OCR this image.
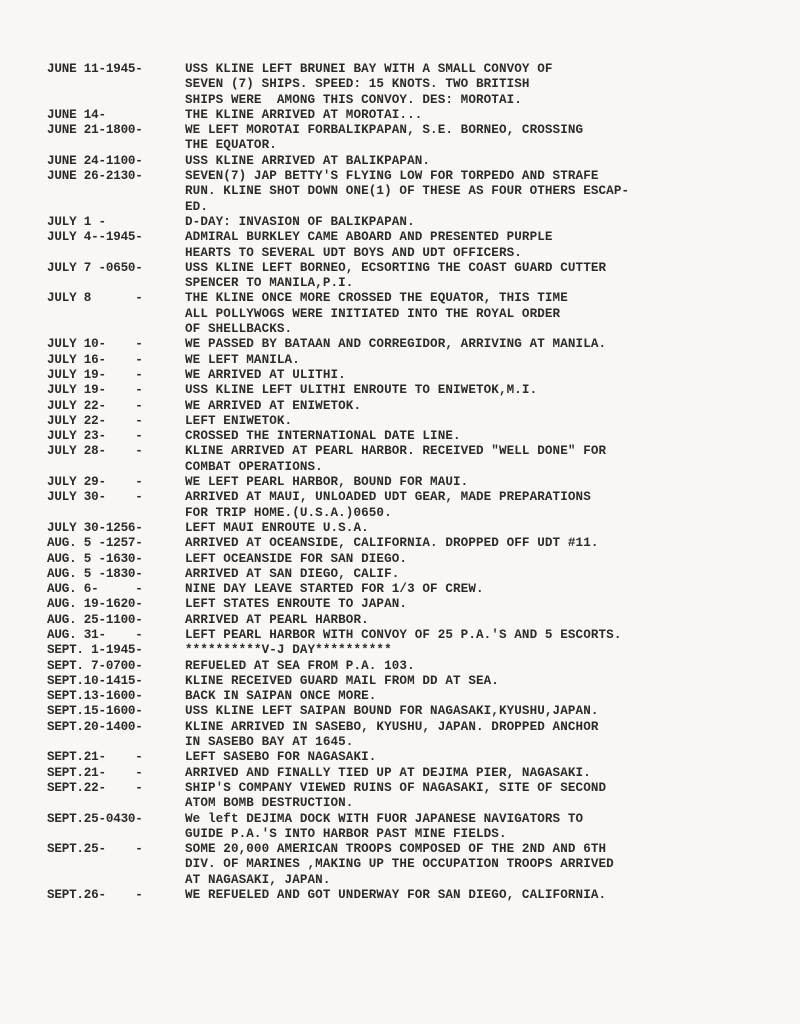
JUNE 11-1945-	USS KLINE LEFT BRUNEI BAY WITH A SMALL CONVOY OF
SEVEN (7) SHIPS. SPEED: 15 KNOTS. TWO BRITISH
SHIPS WERE  AMONG THIS CONVOY. DES: MOROTAI.
JUNE 14-	THE KLINE ARRIVED AT MOROTAI...
JUNE 21-1800-	WE LEFT MOROTAI FORBALIKPAPAN, S.E. BORNEO, CROSSING
THE EQUATOR.
JUNE 24-1100-	USS KLINE ARRIVED AT BALIKPAPAN.
JUNE 26-2130-	SEVEN(7) JAP BETTY'S FLYING LOW FOR TORPEDO AND STRAFE
RUN. KLINE SHOT DOWN ONE(1) OF THESE AS FOUR OTHERS ESCAP-
ED.
JULY 1 -	D-DAY: INVASION OF BALIKPAPAN.
JULY 4--1945-	ADMIRAL BURKLEY CAME ABOARD AND PRESENTED PURPLE
HEARTS TO SEVERAL UDT BOYS AND UDT OFFICERS.
JULY 7 -0650-	USS KLINE LEFT BORNEO, ECSORTING THE COAST GUARD CUTTER
SPENCER TO MANILA,P.I.
JULY 8      -	THE KLINE ONCE MORE CROSSED THE EQUATOR, THIS TIME
ALL POLLYWOGS WERE INITIATED INTO THE ROYAL ORDER
OF SHELLBACKS.
JULY 10-    -	WE PASSED BY BATAAN AND CORREGIDOR, ARRIVING AT MANILA.
JULY 16-    -	WE LEFT MANILA.
JULY 19-    -	WE ARRIVED AT ULITHI.
JULY 19-    -	USS KLINE LEFT ULITHI ENROUTE TO ENIWETOK,M.I.
JULY 22-    -	WE ARRIVED AT ENIWETOK.
JULY 22-    -	LEFT ENIWETOK.
JULY 23-    -	CROSSED THE INTERNATIONAL DATE LINE.
JULY 28-    -	KLINE ARRIVED AT PEARL HARBOR. RECEIVED "WELL DONE" FOR
COMBAT OPERATIONS.
JULY 29-    -	WE LEFT PEARL HARBOR, BOUND FOR MAUI.
JULY 30-    -	ARRIVED AT MAUI, UNLOADED UDT GEAR, MADE PREPARATIONS
FOR TRIP HOME.(U.S.A.)0650.
JULY 30-1256-	LEFT MAUI ENROUTE U.S.A.
AUG. 5 -1257-	ARRIVED AT OCEANSIDE, CALIFORNIA. DROPPED OFF UDT #11.
AUG. 5 -1630-	LEFT OCEANSIDE FOR SAN DIEGO.
AUG. 5 -1830-	ARRIVED AT SAN DIEGO, CALIF.
AUG. 6-     -	NINE DAY LEAVE STARTED FOR 1/3 OF CREW.
AUG. 19-1620-	LEFT STATES ENROUTE TO JAPAN.
AUG. 25-1100-	ARRIVED AT PEARL HARBOR.
AUG. 31-    -	LEFT PEARL HARBOR WITH CONVOY OF 25 P.A.'S AND 5 ESCORTS.
SEPT. 1-1945-	**********V-J DAY**********
SEPT. 7-0700-	REFUELED AT SEA FROM P.A. 103.
SEPT.10-1415-	KLINE RECEIVED GUARD MAIL FROM DD AT SEA.
SEPT.13-1600-	BACK IN SAIPAN ONCE MORE.
SEPT.15-1600-	USS KLINE LEFT SAIPAN BOUND FOR NAGASAKI,KYUSHU,JAPAN.
SEPT.20-1400-	KLINE ARRIVED IN SASEBO, KYUSHU, JAPAN. DROPPED ANCHOR
IN SASEBO BAY AT 1645.
SEPT.21-    -	LEFT SASEBO FOR NAGASAKI.
SEPT.21-    -	ARRIVED AND FINALLY TIED UP AT DEJIMA PIER, NAGASAKI.
SEPT.22-    -	SHIP'S COMPANY VIEWED RUINS OF NAGASAKI, SITE OF SECOND
ATOM BOMB DESTRUCTION.
SEPT.25-0430-	We left DEJIMA DOCK WITH FUOR JAPANESE NAVIGATORS TO
GUIDE P.A.'S INTO HARBOR PAST MINE FIELDS.
SEPT.25-    -	SOME 20,000 AMERICAN TROOPS COMPOSED OF THE 2ND AND 6TH
DIV. OF MARINES ,MAKING UP THE OCCUPATION TROOPS ARRIVED
AT NAGASAKI, JAPAN.
SEPT.26-    -	WE REFUELED AND GOT UNDERWAY FOR SAN DIEGO, CALIFORNIA.
